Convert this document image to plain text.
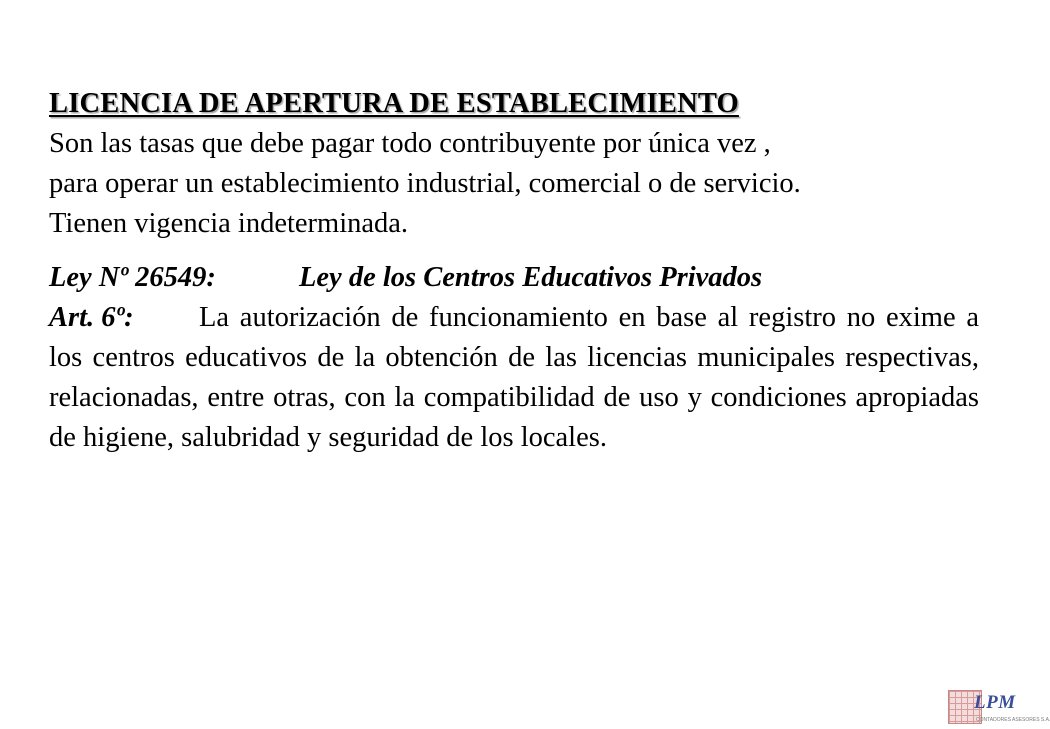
LICENCIA DE APERTURA DE ESTABLECIMIENTO

Son las tasas que debe pagar todo contribuyente por única vez ,

para operar un establecimiento industrial, comercial o de servicio.

Tienen vigencia indeterminada.

Ley Nº 26549:	Ley de los Centros Educativos Privados

Art. 6º: La autorización de funcionamiento en base al registro no exime a los centros educativos de la obtención de las licencias municipales respectivas, relacionadas, entre otras, con la compatibilidad de uso y condiciones apropiadas de higiene, salubridad y seguridad de los locales.

LPM
CONTADORES ASESORES S.A.
